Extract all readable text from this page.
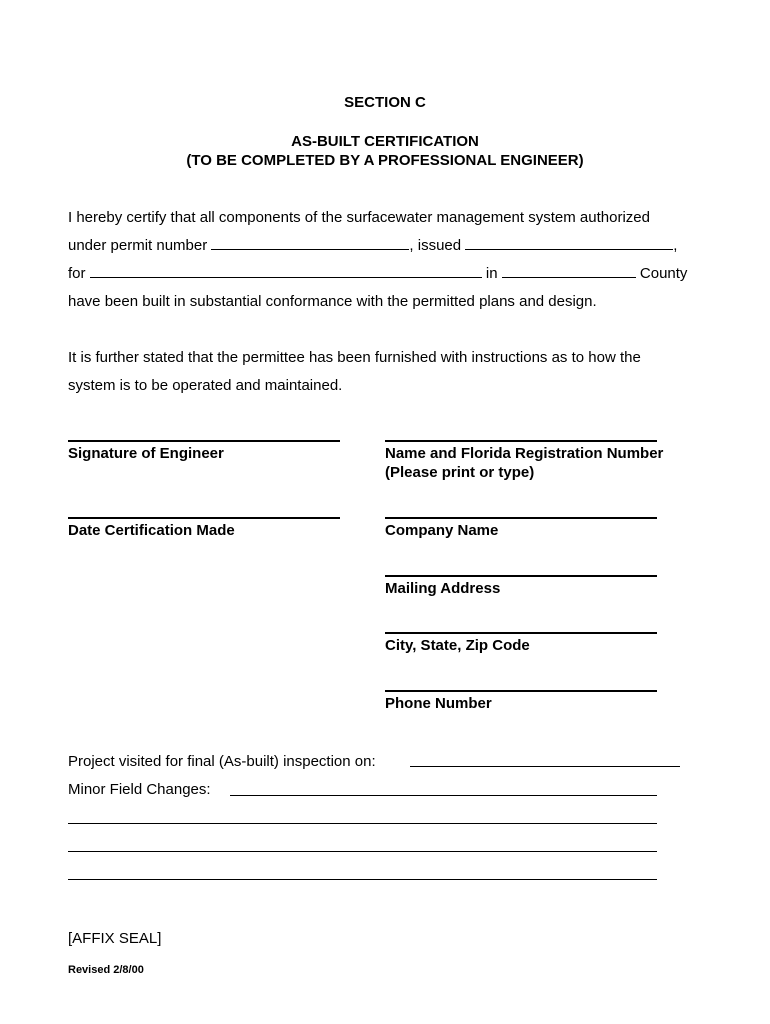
SECTION C
AS-BUILT CERTIFICATION
(TO BE COMPLETED BY A PROFESSIONAL ENGINEER)
I hereby certify that all components of the surfacewater management system authorized
under permit number	, issued	,
for	in	County
have been built in substantial conformance with the permitted plans and design.
It is further stated that the permittee has been furnished with instructions as to how the
system is to be operated and maintained.
Signature of Engineer	Name and Florida Registration Number
(Please print or type)
Date Certification Made	Company Name
Mailing Address
City, State, Zip Code
Phone Number
Project visited for final (As-built) inspection on:
Minor Field Changes:
[AFFIX SEAL]
Revised 2/8/00
